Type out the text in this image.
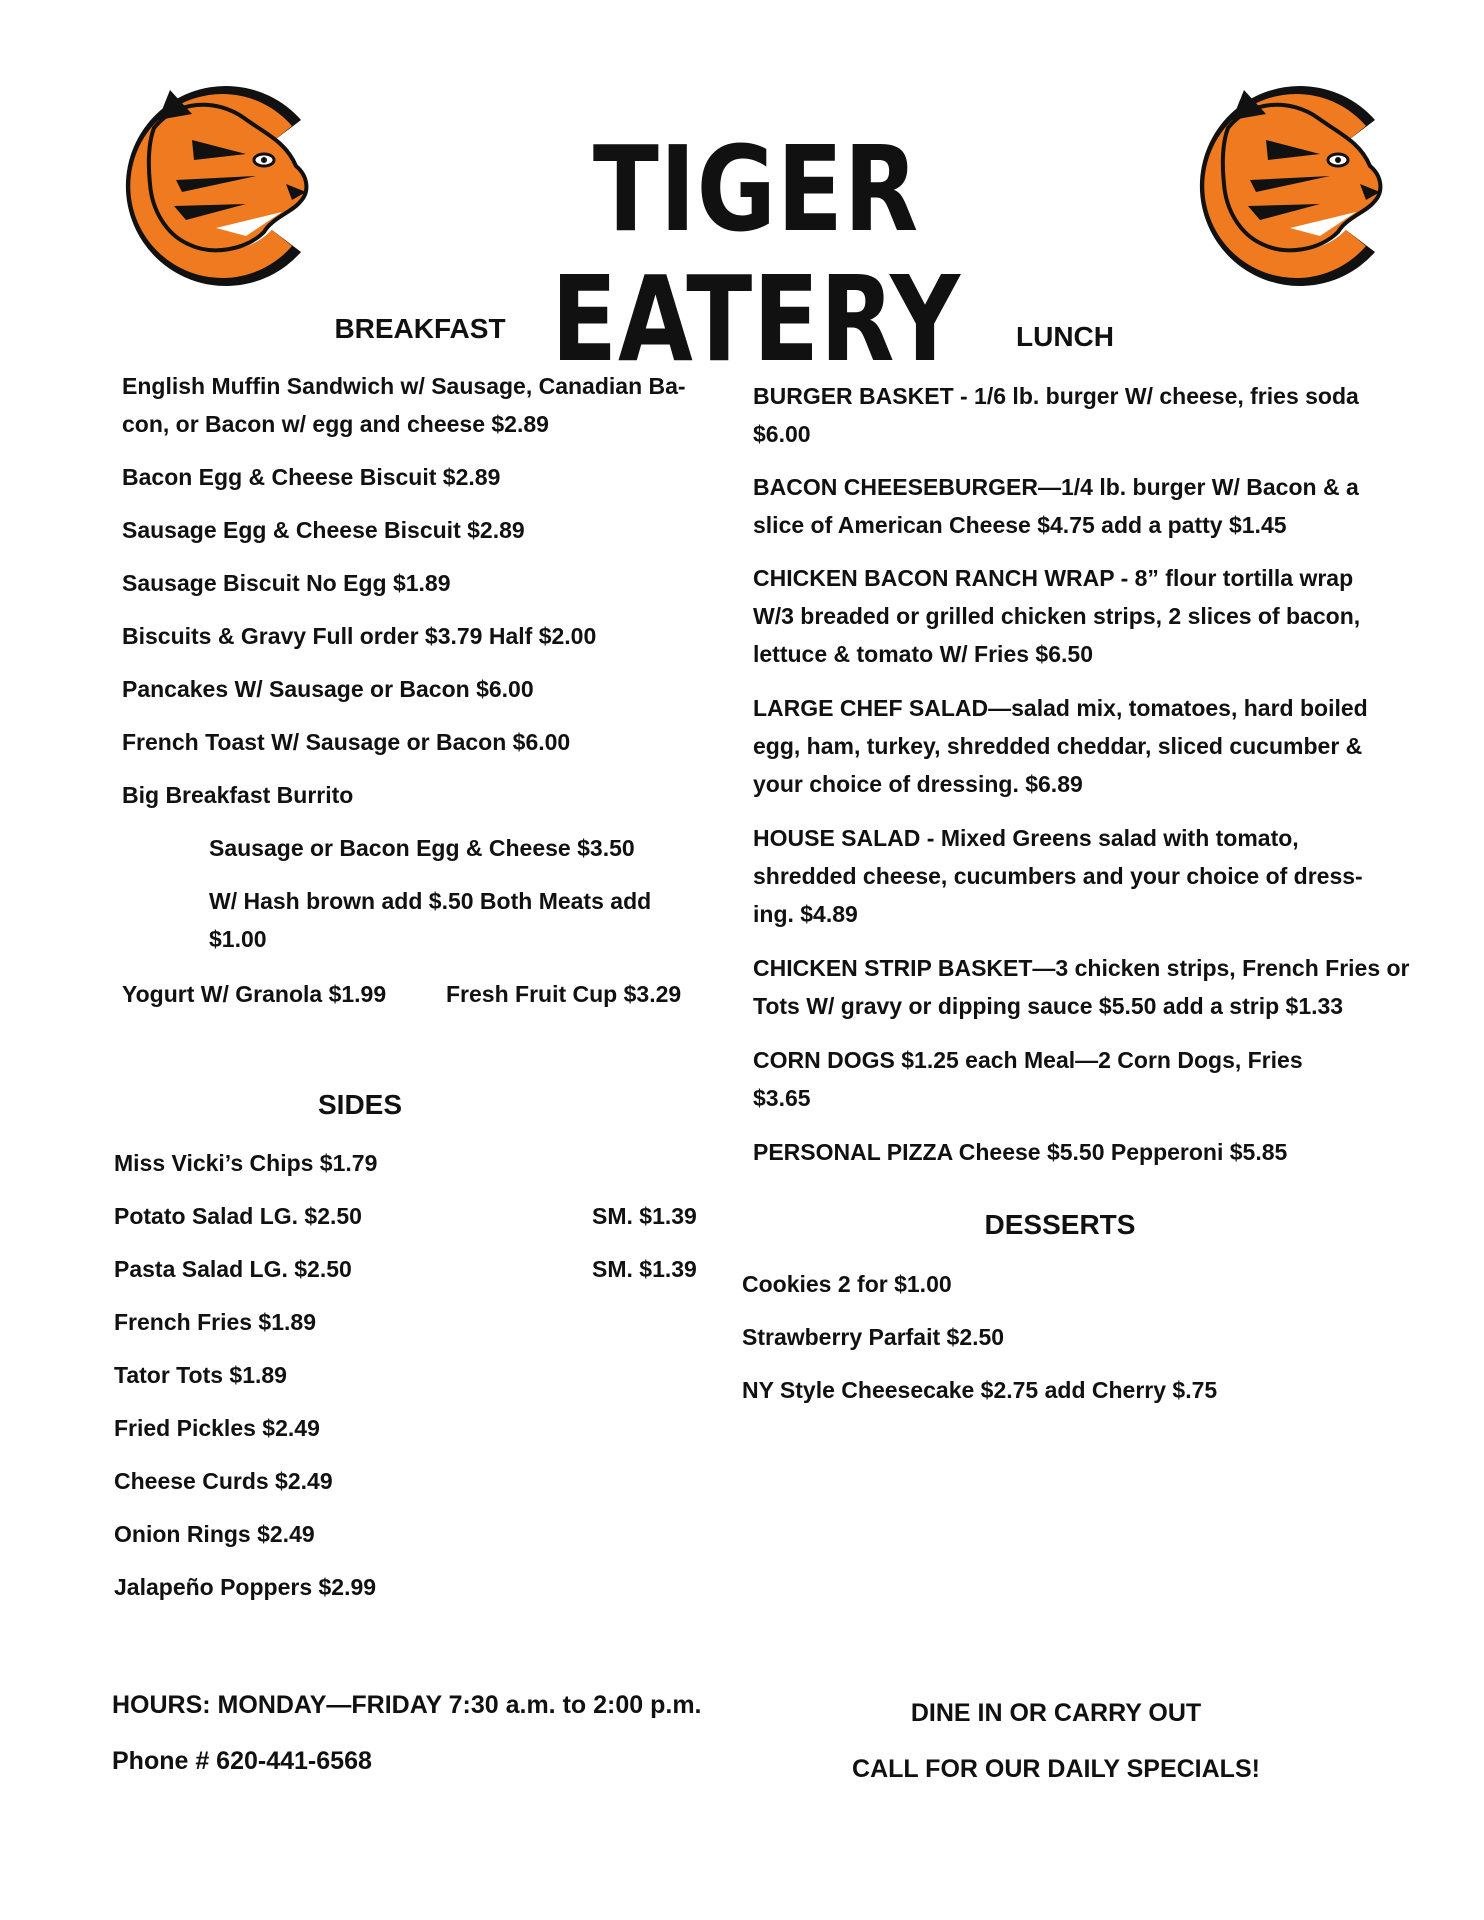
TIGER EATERY
BREAKFAST
English Muffin Sandwich w/ Sausage, Canadian Ba-
con, or Bacon w/ egg and cheese $2.89
Bacon Egg & Cheese Biscuit $2.89
Sausage Egg & Cheese Biscuit $2.89
Sausage Biscuit No Egg $1.89
Biscuits & Gravy Full order $3.79 Half $2.00
Pancakes W/ Sausage or Bacon $6.00
French Toast W/ Sausage or Bacon $6.00
Big Breakfast Burrito
Sausage or Bacon Egg & Cheese $3.50
W/ Hash brown add $.50 Both Meats add
$1.00
Yogurt W/ Granola $1.99	Fresh Fruit Cup $3.29
SIDES
Miss Vicki’s Chips $1.79
Potato Salad LG. $2.50	SM. $1.39
Pasta Salad LG. $2.50	SM. $1.39
French Fries $1.89
Tator Tots $1.89
Fried Pickles $2.49
Cheese Curds $2.49
Onion Rings $2.49
Jalapeño Poppers $2.99
LUNCH
BURGER BASKET - 1/6 lb. burger W/ cheese, fries soda
$6.00
BACON CHEESEBURGER—1/4 lb. burger W/ Bacon & a
slice of American Cheese $4.75 add a patty $1.45
CHICKEN BACON RANCH WRAP - 8” flour tortilla wrap
W/3 breaded or grilled chicken strips, 2 slices of bacon,
lettuce & tomato W/ Fries $6.50
LARGE CHEF SALAD—salad mix, tomatoes, hard boiled
egg, ham, turkey, shredded cheddar, sliced cucumber &
your choice of dressing. $6.89
HOUSE SALAD - Mixed Greens salad with tomato,
shredded cheese, cucumbers and your choice of dress-
ing. $4.89
CHICKEN STRIP BASKET—3 chicken strips, French Fries or
Tots W/ gravy or dipping sauce $5.50 add a strip $1.33
CORN DOGS $1.25 each Meal—2 Corn Dogs, Fries
$3.65
PERSONAL PIZZA Cheese $5.50 Pepperoni $5.85
DESSERTS
Cookies 2 for $1.00
Strawberry Parfait $2.50
NY Style Cheesecake $2.75 add Cherry $.75
HOURS: MONDAY—FRIDAY 7:30 a.m. to 2:00 p.m.
Phone # 620-441-6568
DINE IN OR CARRY OUT
CALL FOR OUR DAILY SPECIALS!
